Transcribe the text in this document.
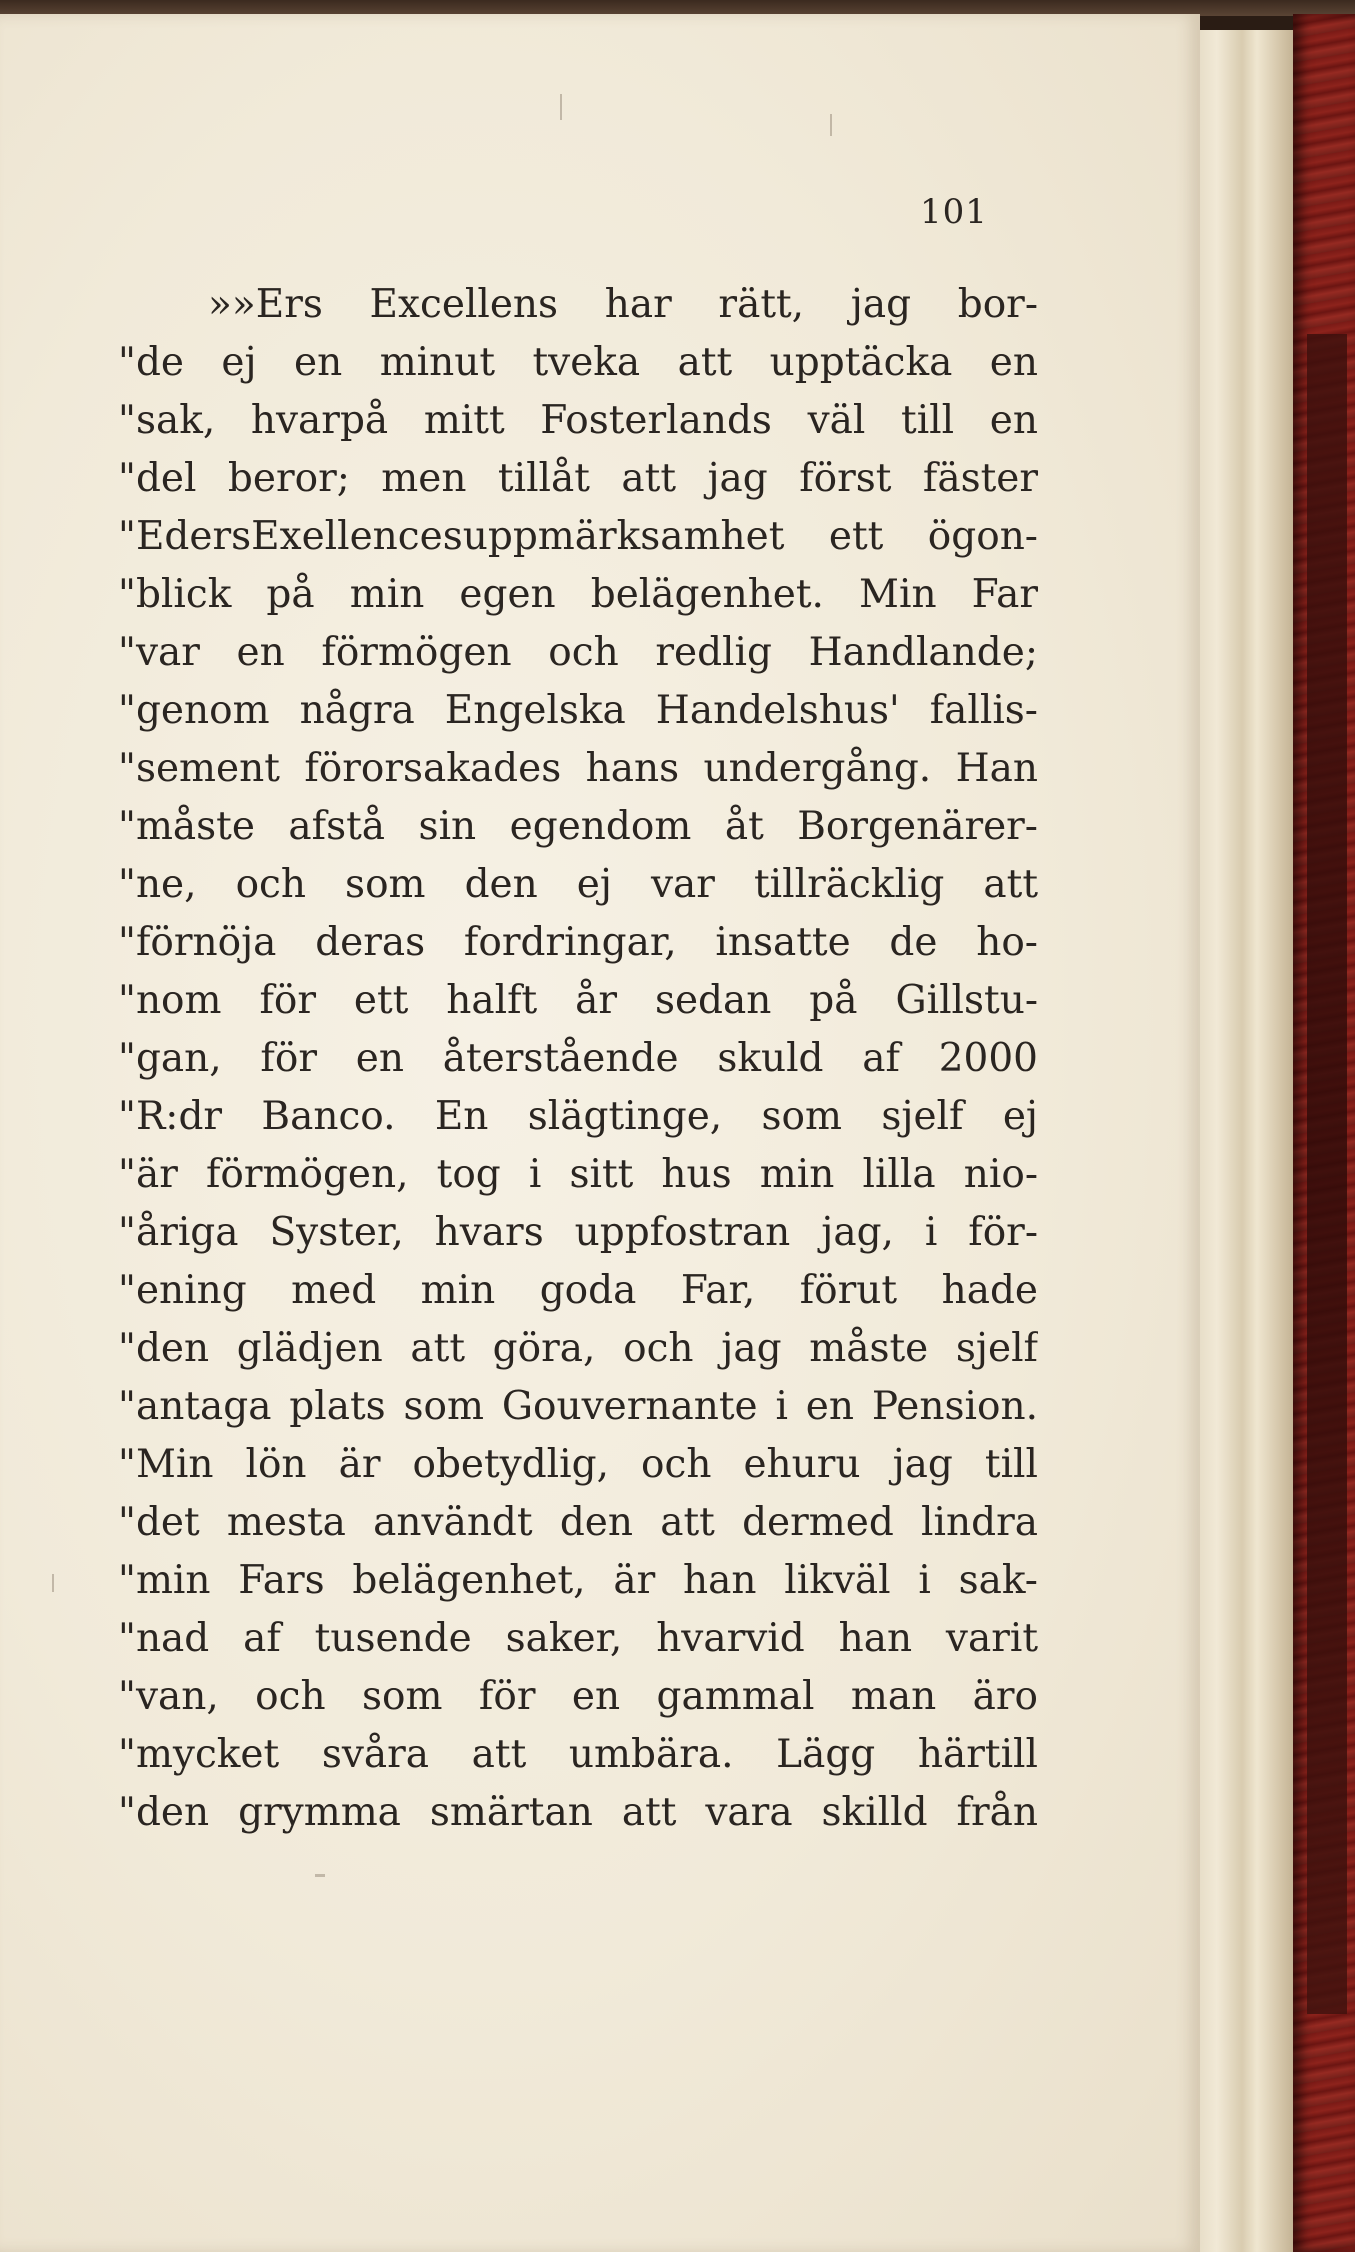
101
»»Ers Excellens har rätt, jag bor-
"de ej en minut tveka att upptäcka en
"sak, hvarpå mitt Fosterlands väl till en
"del beror; men tillåt att jag först fäster
"EdersExellencesuppmärksamhet ett ögon-
"blick på min egen belägenhet. Min Far
"var en förmögen och redlig Handlande;
"genom några Engelska Handelshus' fallis-
"sement förorsakades hans undergång. Han
"måste afstå sin egendom åt Borgenärer-
"ne, och som den ej var tillräcklig att
"förnöja deras fordringar, insatte de ho-
"nom för ett halft år sedan på Gillstu-
"gan, för en återstående skuld af 2000
"R:dr Banco. En slägtinge, som sjelf ej
"är förmögen, tog i sitt hus min lilla nio-
"åriga Syster, hvars uppfostran jag, i för-
"ening med min goda Far, förut hade
"den glädjen att göra, och jag måste sjelf
"antaga plats som Gouvernante i en Pension.
"Min lön är obetydlig, och ehuru jag till
"det mesta användt den att dermed lindra
"min Fars belägenhet, är han likväl i sak-
"nad af tusende saker, hvarvid han varit
"van, och som för en gammal man äro
"mycket svåra att umbära. Lägg härtill
"den grymma smärtan att vara skilld från
